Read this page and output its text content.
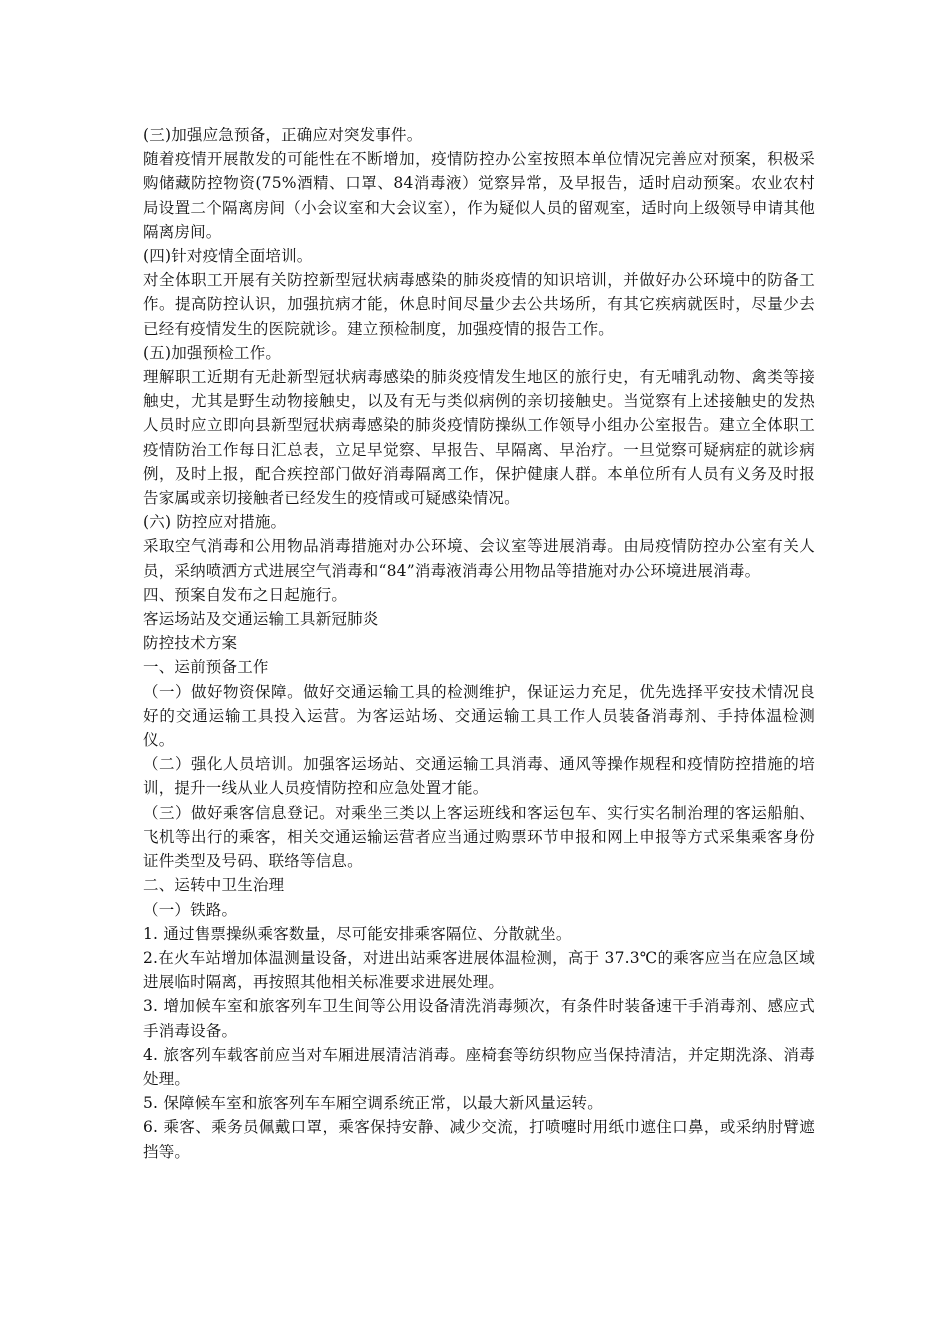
(三)加强应急预备，正确应对突发事件。

随着疫情开展散发的可能性在不断增加，疫情防控办公室按照本单位情况完善应对预案，积极采购储藏防控物资(75%酒精、口罩、84消毒液）觉察异常，及早报告，适时启动预案。农业农村局设置二个隔离房间（小会议室和大会议室），作为疑似人员的留观室，适时向上级领导申请其他隔离房间。

(四)针对疫情全面培训。

对全体职工开展有关防控新型冠状病毒感染的肺炎疫情的知识培训，并做好办公环境中的防备工作。提高防控认识，加强抗病才能，休息时间尽量少去公共场所，有其它疾病就医时，尽量少去已经有疫情发生的医院就诊。建立预检制度，加强疫情的报告工作。

(五)加强预检工作。

理解职工近期有无赴新型冠状病毒感染的肺炎疫情发生地区的旅行史，有无哺乳动物、禽类等接触史，尤其是野生动物接触史，以及有无与类似病例的亲切接触史。当觉察有上述接触史的发热人员时应立即向县新型冠状病毒感染的肺炎疫情防操纵工作领导小组办公室报告。建立全体职工疫情防治工作每日汇总表，立足早觉察、早报告、早隔离、早治疗。一旦觉察可疑病症的就诊病例，及时上报，配合疾控部门做好消毒隔离工作，保护健康人群。本单位所有人员有义务及时报告家属或亲切接触者已经发生的疫情或可疑感染情况。

(六) 防控应对措施。

采取空气消毒和公用物品消毒措施对办公环境、会议室等进展消毒。由局疫情防控办公室有关人员，采纳喷洒方式进展空气消毒和“84”消毒液消毒公用物品等措施对办公环境进展消毒。

四、预案自发布之日起施行。

客运场站及交通运输工具新冠肺炎

防控技术方案

一、运前预备工作

（一）做好物资保障。做好交通运输工具的检测维护，保证运力充足，优先选择平安技术情况良好的交通运输工具投入运营。为客运站场、交通运输工具工作人员装备消毒剂、手持体温检测仪。

（二）强化人员培训。加强客运场站、交通运输工具消毒、通风等操作规程和疫情防控措施的培训，提升一线从业人员疫情防控和应急处置才能。

（三）做好乘客信息登记。对乘坐三类以上客运班线和客运包车、实行实名制治理的客运船舶、飞机等出行的乘客，相关交通运输运营者应当通过购票环节申报和网上申报等方式采集乘客身份证件类型及号码、联络等信息。

二、运转中卫生治理

（一）铁路。

1. 通过售票操纵乘客数量，尽可能安排乘客隔位、分散就坐。

2.在火车站增加体温测量设备，对进出站乘客进展体温检测，高于 37.3℃的乘客应当在应急区域进展临时隔离，再按照其他相关标准要求进展处理。

3. 增加候车室和旅客列车卫生间等公用设备清洗消毒频次，有条件时装备速干手消毒剂、感应式手消毒设备。

4. 旅客列车载客前应当对车厢进展清洁消毒。座椅套等纺织物应当保持清洁，并定期洗涤、消毒处理。

5. 保障候车室和旅客列车车厢空调系统正常，以最大新风量运转。

6. 乘客、乘务员佩戴口罩，乘客保持安静、减少交流，打喷嚏时用纸巾遮住口鼻，或采纳肘臂遮挡等。
